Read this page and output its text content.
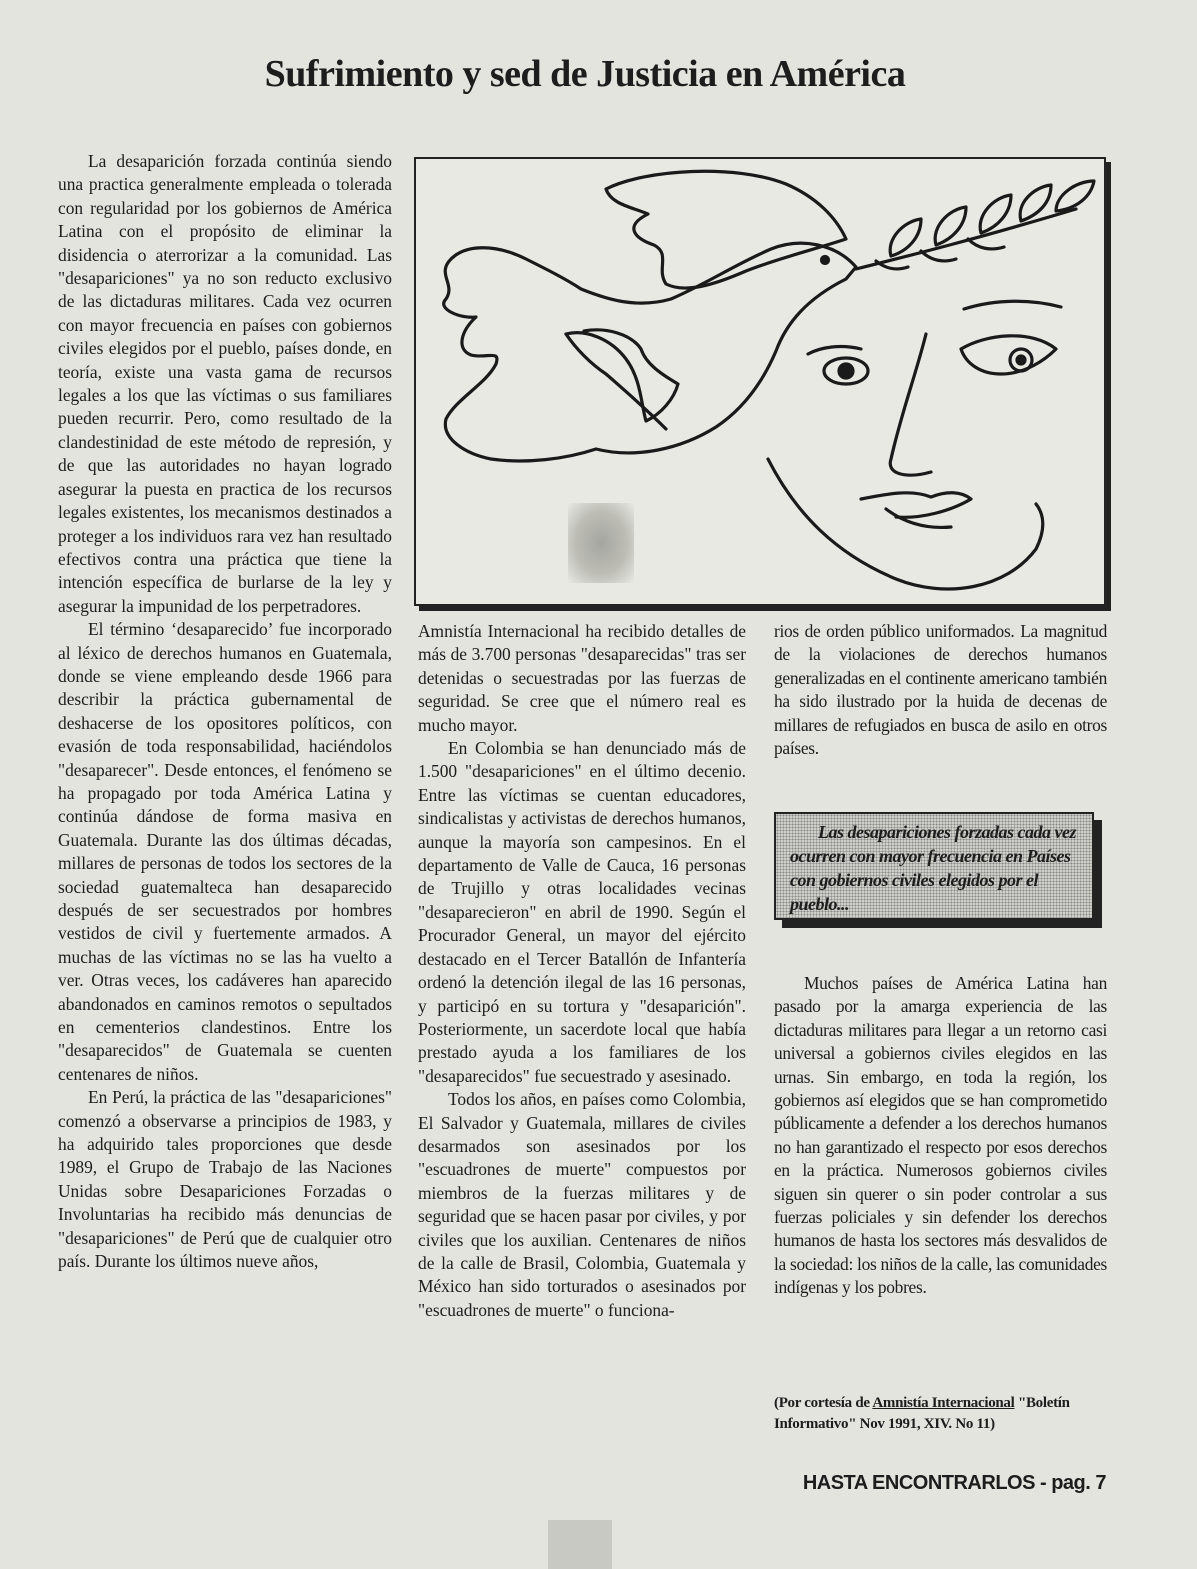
Sufrimiento y sed de Justicia en América

La desaparición forzada continúa siendo una practica generalmente empleada o tolerada con regularidad por los gobiernos de América Latina con el propósito de eliminar la disidencia o aterrorizar a la comunidad. Las "desapariciones" ya no son reducto exclusivo de las dictaduras militares. Cada vez ocurren con mayor frecuencia en países con gobiernos civiles elegidos por el pueblo, países donde, en teoría, existe una vasta gama de recursos legales a los que las víctimas o sus familiares pueden recurrir. Pero, como resultado de la clandestinidad de este método de represión, y de que las autoridades no hayan logrado asegurar la puesta en practica de los recursos legales existentes, los mecanismos destinados a proteger a los individuos rara vez han resultado efectivos contra una práctica que tiene la intención específica de burlarse de la ley y asegurar la impunidad de los perpetradores.

El término ‘desaparecido’ fue incorporado al léxico de derechos humanos en Guatemala, donde se viene empleando desde 1966 para describir la práctica gubernamental de deshacerse de los opositores políticos, con evasión de toda responsabilidad, haciéndolos "desaparecer". Desde entonces, el fenómeno se ha propagado por toda América Latina y continúa dándose de forma masiva en Guatemala. Durante las dos últimas décadas, millares de personas de todos los sectores de la sociedad guatemalteca han desaparecido después de ser secuestrados por hombres vestidos de civil y fuertemente armados. A muchas de las víctimas no se las ha vuelto a ver. Otras veces, los cadáveres han aparecido abandonados en caminos remotos o sepultados en cementerios clandestinos. Entre los "desaparecidos" de Guatemala se cuenten centenares de niños.

En Perú, la práctica de las "desapariciones" comenzó a observarse a principios de 1983, y ha adquirido tales proporciones que desde 1989, el Grupo de Trabajo de las Naciones Unidas sobre Desapariciones Forzadas o Involuntarias ha recibido más denuncias de "desapariciones" de Perú que de cualquier otro país. Durante los últimos nueve años,

Amnistía Internacional ha recibido detalles de más de 3.700 personas "desaparecidas" tras ser detenidas o secuestradas por las fuerzas de seguridad. Se cree que el número real es mucho mayor.

En Colombia se han denunciado más de 1.500 "desapariciones" en el último decenio. Entre las víctimas se cuentan educadores, sindicalistas y activistas de derechos humanos, aunque la mayoría son campesinos. En el departamento de Valle de Cauca, 16 personas de Trujillo y otras localidades vecinas "desaparecieron" en abril de 1990. Según el Procurador General, un mayor del ejército destacado en el Tercer Batallón de Infantería ordenó la detención ilegal de las 16 personas, y participó en su tortura y "desaparición". Posteriormente, un sacerdote local que había prestado ayuda a los familiares de los "desaparecidos" fue secuestrado y asesinado.

Todos los años, en países como Colombia, El Salvador y Guatemala, millares de civiles desarmados son asesinados por los "escuadrones de muerte" compuestos por miembros de la fuerzas militares y de seguridad que se hacen pasar por civiles, y por civiles que los auxilian. Centenares de niños de la calle de Brasil, Colombia, Guatemala y México han sido torturados o asesinados por "escuadrones de muerte" o funciona-

rios de orden público uniformados. La magnitud de la violaciones de derechos humanos generalizadas en el continente americano también ha sido ilustrado por la huida de decenas de millares de refugiados en busca de asilo en otros países.

Las desapariciones forzadas cada vez ocurren con mayor frecuencia en Países con gobiernos civiles elegidos por el pueblo...

Muchos países de América Latina han pasado por la amarga experiencia de las dictaduras militares para llegar a un retorno casi universal a gobiernos civiles elegidos en las urnas. Sin embargo, en toda la región, los gobiernos así elegidos que se han comprometido públicamente a defender a los derechos humanos no han garantizado el respecto por esos derechos en la práctica. Numerosos gobiernos civiles siguen sin querer o sin poder controlar a sus fuerzas policiales y sin defender los derechos humanos de hasta los sectores más desvalidos de la sociedad: los niños de la calle, las comunidades indígenas y los pobres.

(Por cortesía de Amnistía Internacional "Boletín Informativo" Nov 1991, XIV. No 11)
HASTA ENCONTRARLOS - pag. 7
